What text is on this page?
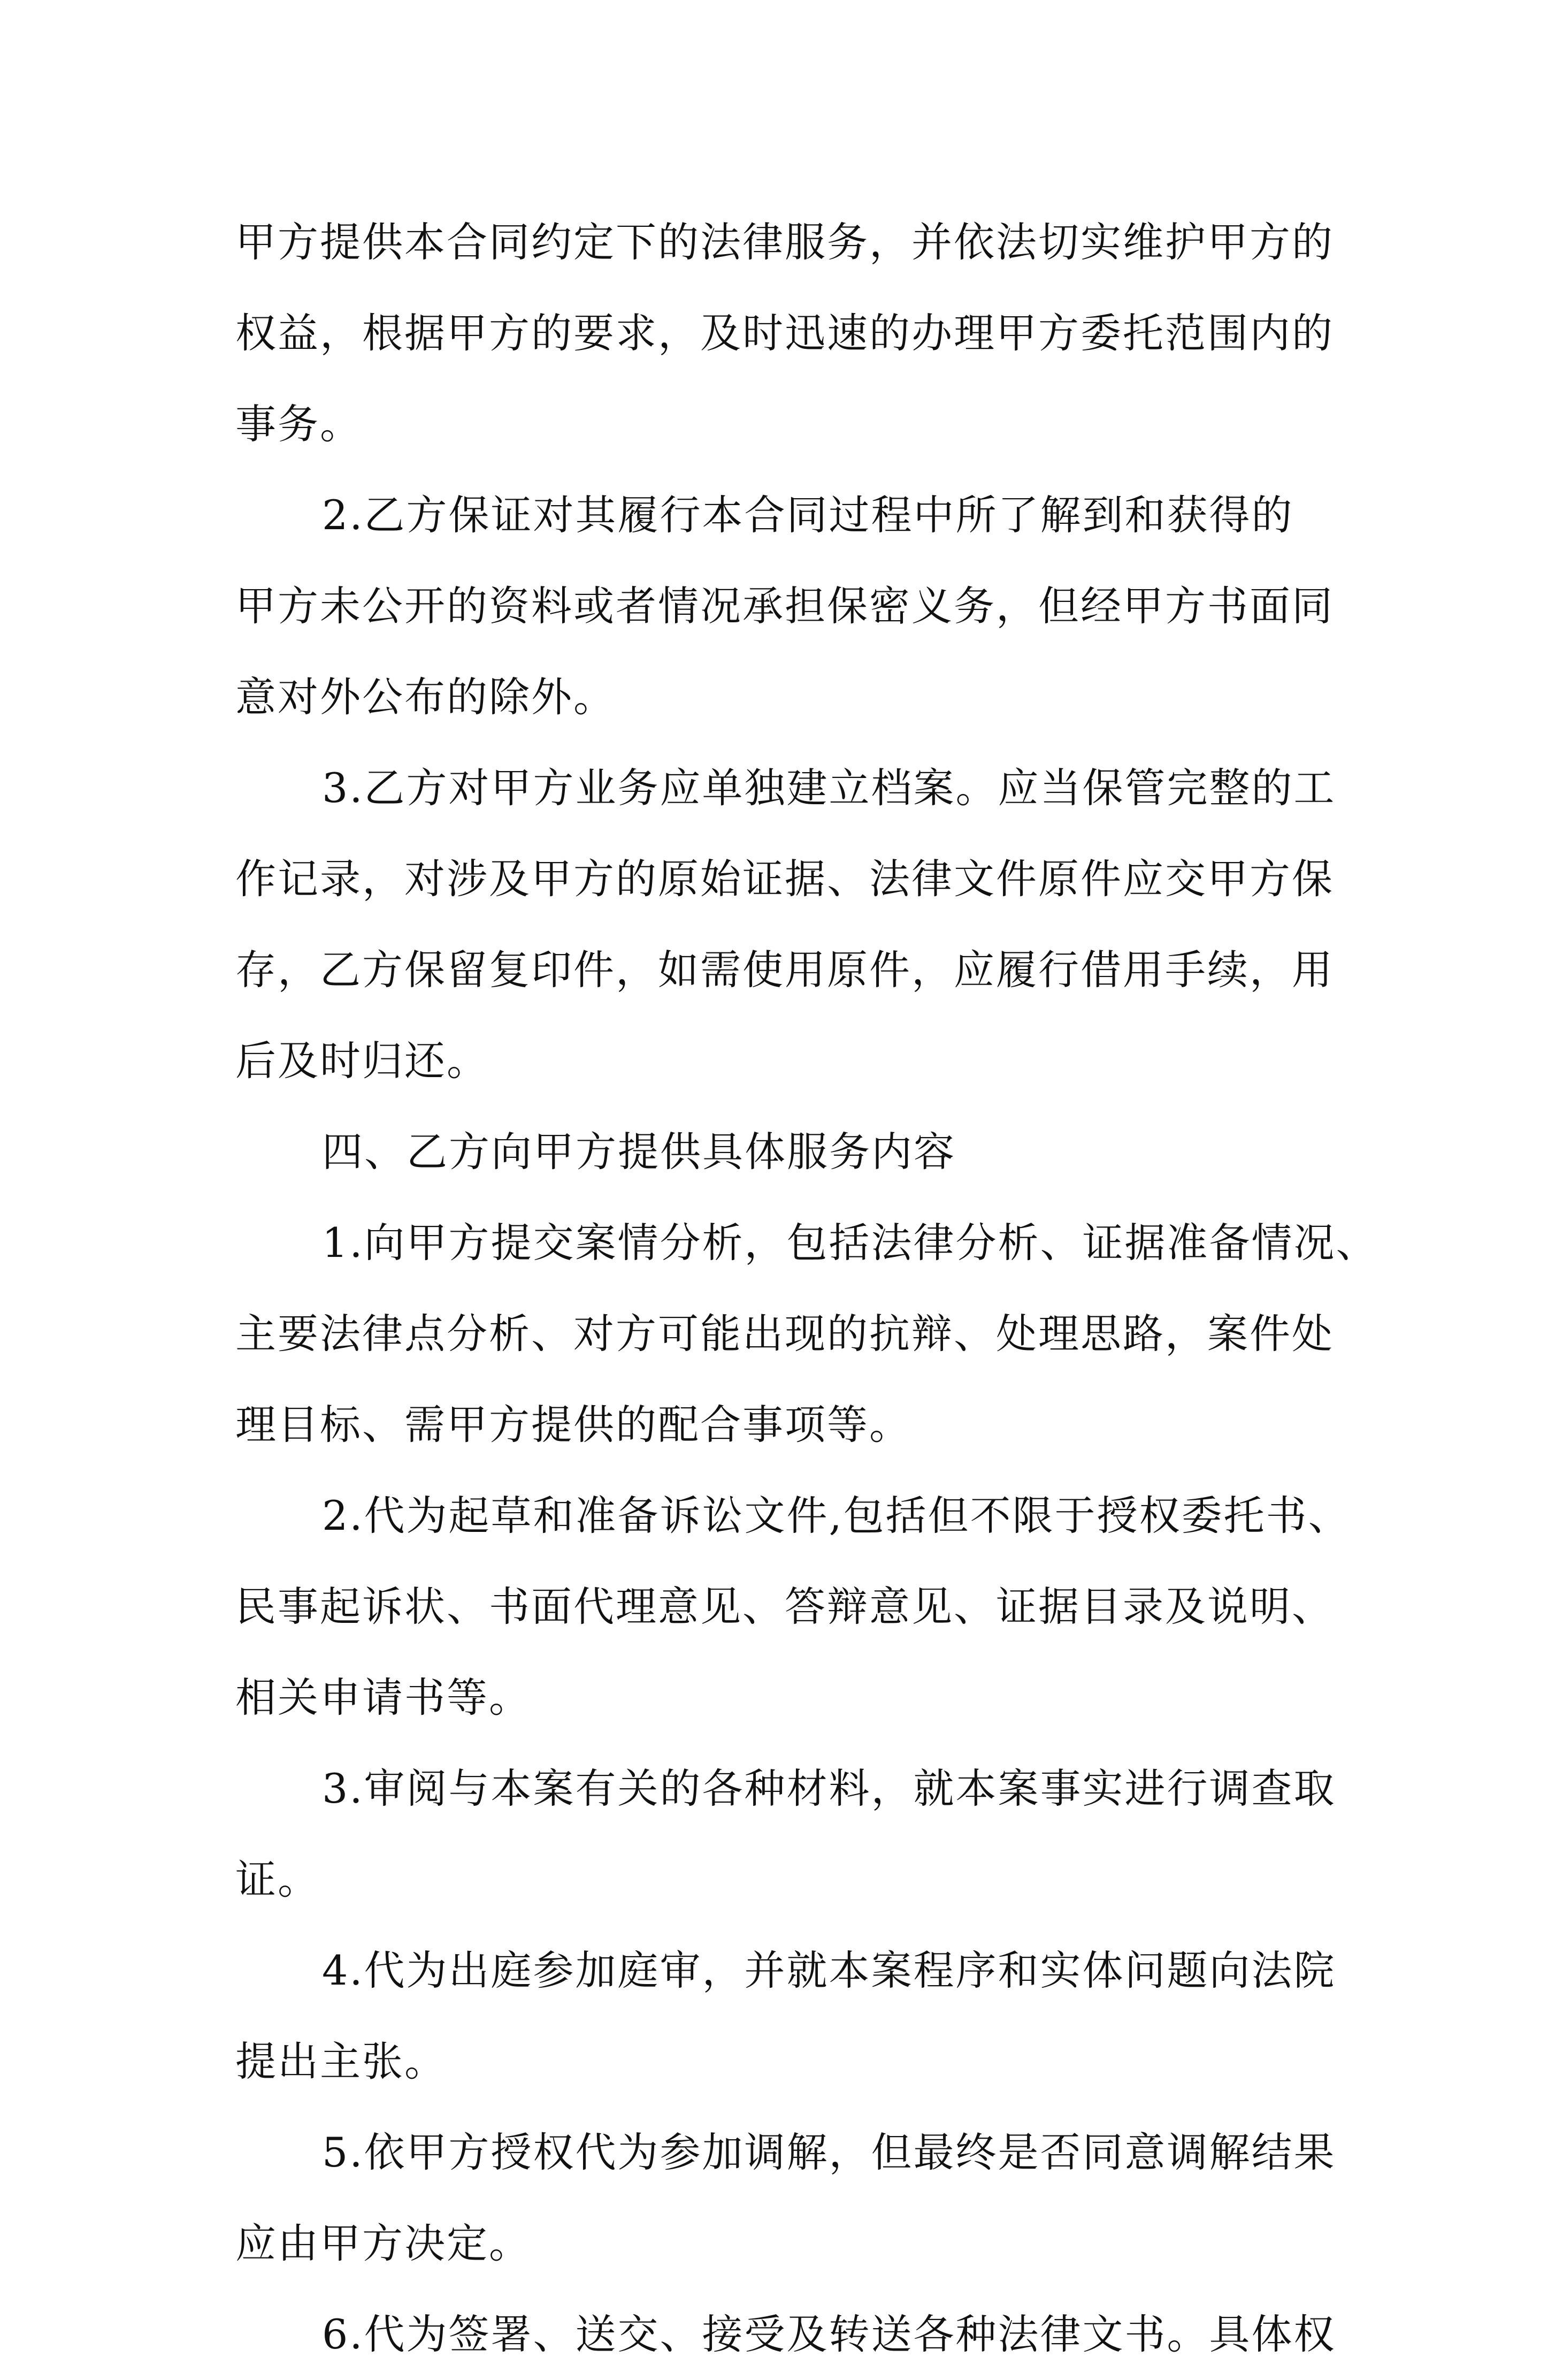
甲方提供本合同约定下的法律服务，并依法切实维护甲方的
权益，根据甲方的要求，及时迅速的办理甲方委托范围内的
事务。
2.乙方保证对其履行本合同过程中所了解到和获得的
甲方未公开的资料或者情况承担保密义务，但经甲方书面同
意对外公布的除外。
3.乙方对甲方业务应单独建立档案。应当保管完整的工
作记录，对涉及甲方的原始证据、法律文件原件应交甲方保
存，乙方保留复印件，如需使用原件，应履行借用手续，用
后及时归还。
四、乙方向甲方提供具体服务内容
1.向甲方提交案情分析，包括法律分析、证据准备情况、
主要法律点分析、对方可能出现的抗辩、处理思路，案件处
理目标、需甲方提供的配合事项等。
2.代为起草和准备诉讼文件,包括但不限于授权委托书、
民事起诉状、书面代理意见、答辩意见、证据目录及说明、
相关申请书等。
3.审阅与本案有关的各种材料，就本案事实进行调查取
证。
4.代为出庭参加庭审，并就本案程序和实体问题向法院
提出主张。
5.依甲方授权代为参加调解，但最终是否同意调解结果
应由甲方决定。
6.代为签署、送交、接受及转送各种法律文书。具体权
